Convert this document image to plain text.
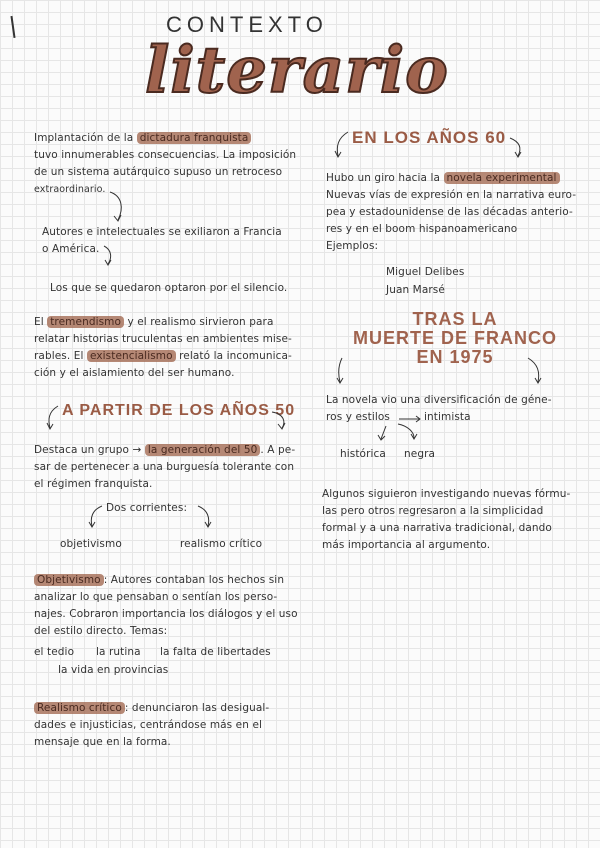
CONTEXTO
literario
Implantación de la dictadura franquista
tuvo innumerables consecuencias. La imposición
de un sistema autárquico supuso un retroceso
extraordinario.
Autores e intelectuales se exiliaron a Francia
o América.
Los que se quedaron optaron por el silencio.
El tremendismo y el realismo sirvieron para
relatar historias truculentas en ambientes mise-
rables. El existencialismo relató la incomunica-
ción y el aislamiento del ser humano.
A PARTIR DE LOS AÑOS 50
Destaca un grupo → la generación del 50 . A pe-
sar de pertenecer a una burguesía tolerante con
el régimen franquista.
Dos corrientes:
objetivismo	realismo crítico
Objetivismo : Autores contaban los hechos sin
analizar lo que pensaban o sentían los perso-
najes. Cobraron importancia los diálogos y el uso
del estilo directo. Temas:
el tedio la rutina la falta de libertades
la vida en provincias
Realismo crítico : denunciaron las desigual-
dades e injusticias, centrándose más en el
mensaje que en la forma.
EN LOS AÑOS 60
Hubo un giro hacia la novela experimental
Nuevas vías de expresión en la narrativa euro-
pea y estadounidense de las décadas anterio-
res y en el boom hispanoamericano
Ejemplos:
Miguel Delibes
Juan Marsé
TRAS LA
MUERTE DE FRANCO
EN 1975
La novela vio una diversificación de géne-
ros y estilos	intimista
histórica negra
Algunos siguieron investigando nuevas fórmu-
las pero otros regresaron a la simplicidad
formal y a una narrativa tradicional, dando
más importancia al argumento.
